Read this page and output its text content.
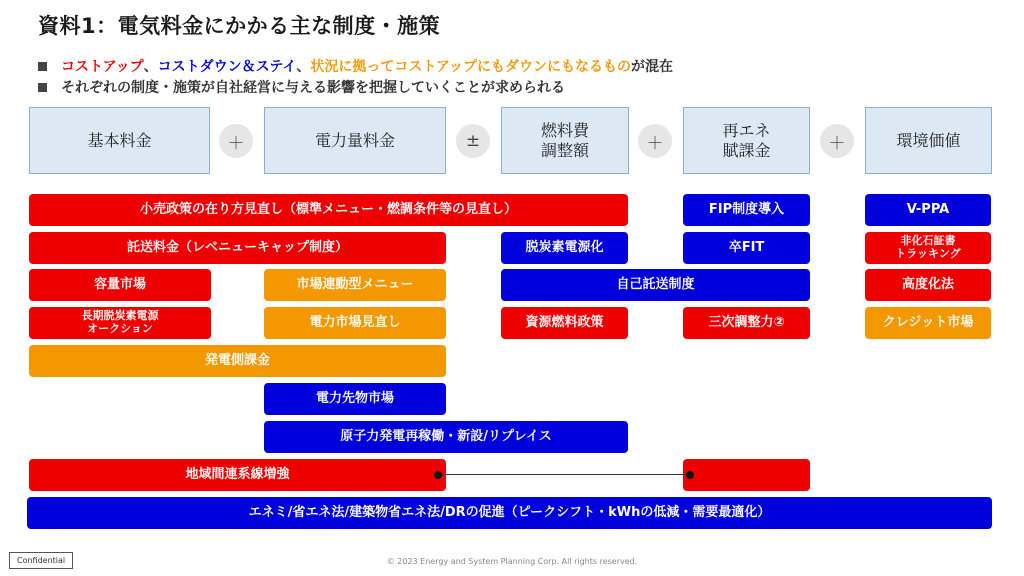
資料1：電気料金にかかる主な制度・施策
コストアップ 、 コストダウン＆ステイ 、 状況に拠ってコストアップにもダウンにもなるもの が混在
それぞれの制度・施策が自社経営に与える影響を把握していくことが求められる
基本料金	＋	電力量料金	±
燃料費
調整額	＋
再エネ
賦課金	＋	環境価値
小売政策の在り方見直し（標準メニュー・燃調条件等の見直し）	FIP制度導入	V-PPA
託送料金（レベニューキャップ制度）	脱炭素電源化	卒FIT	非化石証書
トラッキング
容量市場	市場連動型メニュー	自己託送制度	高度化法
長期脱炭素電源
オークション	電力市場見直し	資源燃料政策	三次調整力②	クレジット市場
発電側課金
電力先物市場
原子力発電再稼働・新設/リプレイス
地域間連系線増強
エネミ/省エネ法/建築物省エネ法/DRの促進（ピークシフト・kWhの低減・需要最適化）
Confidential	© 2023 Energy and System Planning Corp. All rights reserved.
